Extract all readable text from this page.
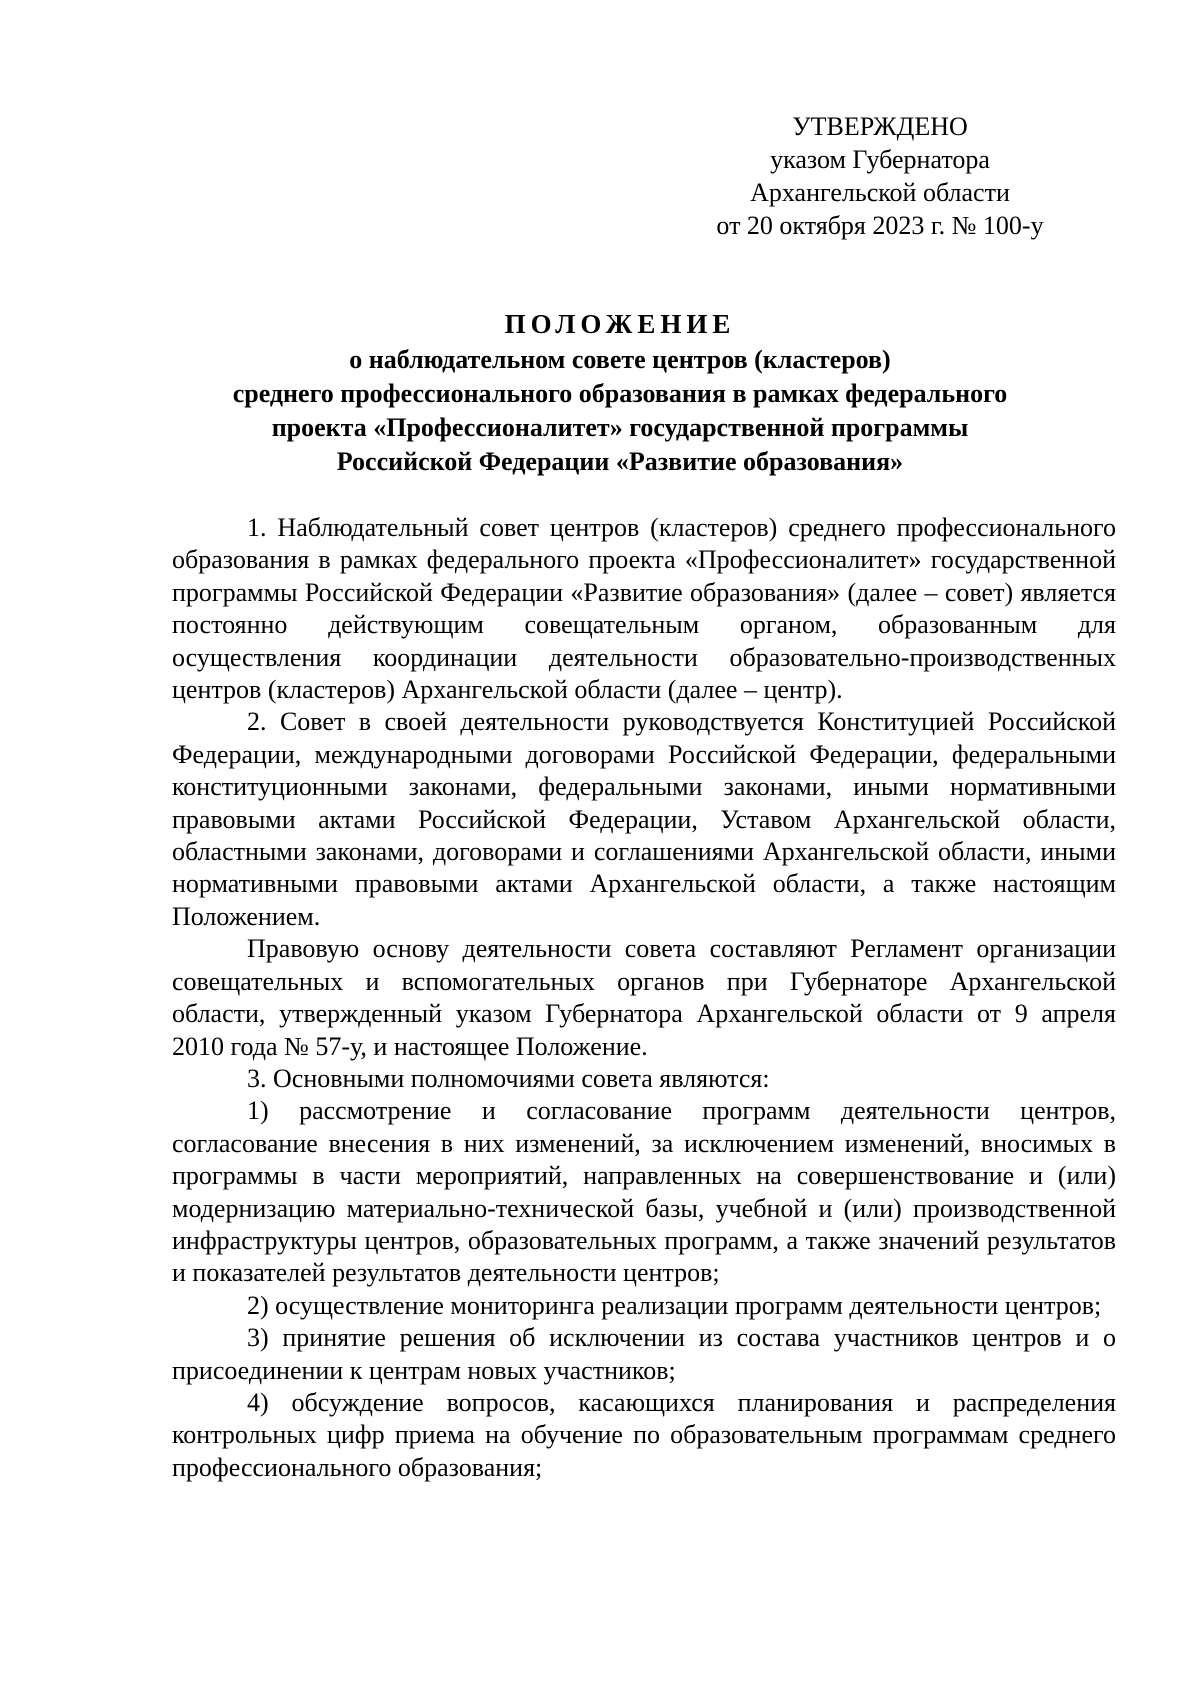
УТВЕРЖДЕНО
указом Губернатора
Архангельской области
от 20 октября 2023 г. № 100-у
ПОЛОЖЕНИЕ
о наблюдательном совете центров (кластеров)
среднего профессионального образования в рамках федерального
проекта «Профессионалитет» государственной программы
Российской Федерации «Развитие образования»

1. Наблюдательный совет центров (кластеров) среднего профессионального образования в рамках федерального проекта «Профессионалитет» государственной программы Российской Федерации «Развитие образования» (далее – совет) является постоянно действующим совещательным органом, образованным для осуществления координации деятельности образовательно-производственных центров (кластеров) Архангельской области (далее – центр).

2. Совет в своей деятельности руководствуется Конституцией Российской Федерации, международными договорами Российской Федерации, федеральными конституционными законами, федеральными законами, иными нормативными правовыми актами Российской Федерации, Уставом Архангельской области, областными законами, договорами и соглашениями Архангельской области, иными нормативными правовыми актами Архангельской области, а также настоящим Положением.

Правовую основу деятельности совета составляют Регламент организации совещательных и вспомогательных органов при Губернаторе Архангельской области, утвержденный указом Губернатора Архангельской области от 9 апреля 2010 года № 57-у, и настоящее Положение.

3. Основными полномочиями совета являются:

1) рассмотрение и согласование программ деятельности центров, согласование внесения в них изменений, за исключением изменений, вносимых в программы в части мероприятий, направленных на совершенствование и (или) модернизацию материально-технической базы, учебной и (или) производственной инфраструктуры центров, образовательных программ, а также значений результатов и показателей результатов деятельности центров;

2) осуществление мониторинга реализации программ деятельности центров;

3) принятие решения об исключении из состава участников центров и о присоединении к центрам новых участников;

4) обсуждение вопросов, касающихся планирования и распределения контрольных цифр приема на обучение по образовательным программам среднего профессионального образования;
